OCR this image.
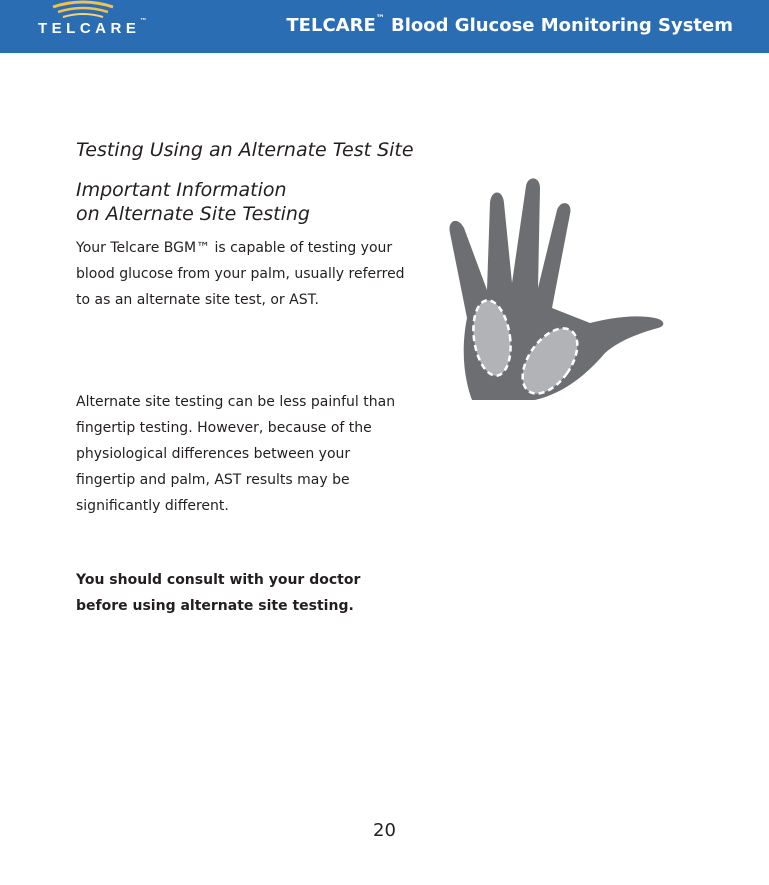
TELCARE™	TELCARE™ Blood Glucose Monitoring System
Testing Using an Alternate Test Site
Important Information
on Alternate Site Testing
Your Telcare BGM™ is capable of testing your blood glucose from your palm, usually referred to as an alternate site test, or AST.
Alternate site testing can be less painful than fingertip testing. However, because of the physiological differences between your fingertip and palm, AST results may be significantly different.
You should consult with your doctor before using alternate site testing.
20
